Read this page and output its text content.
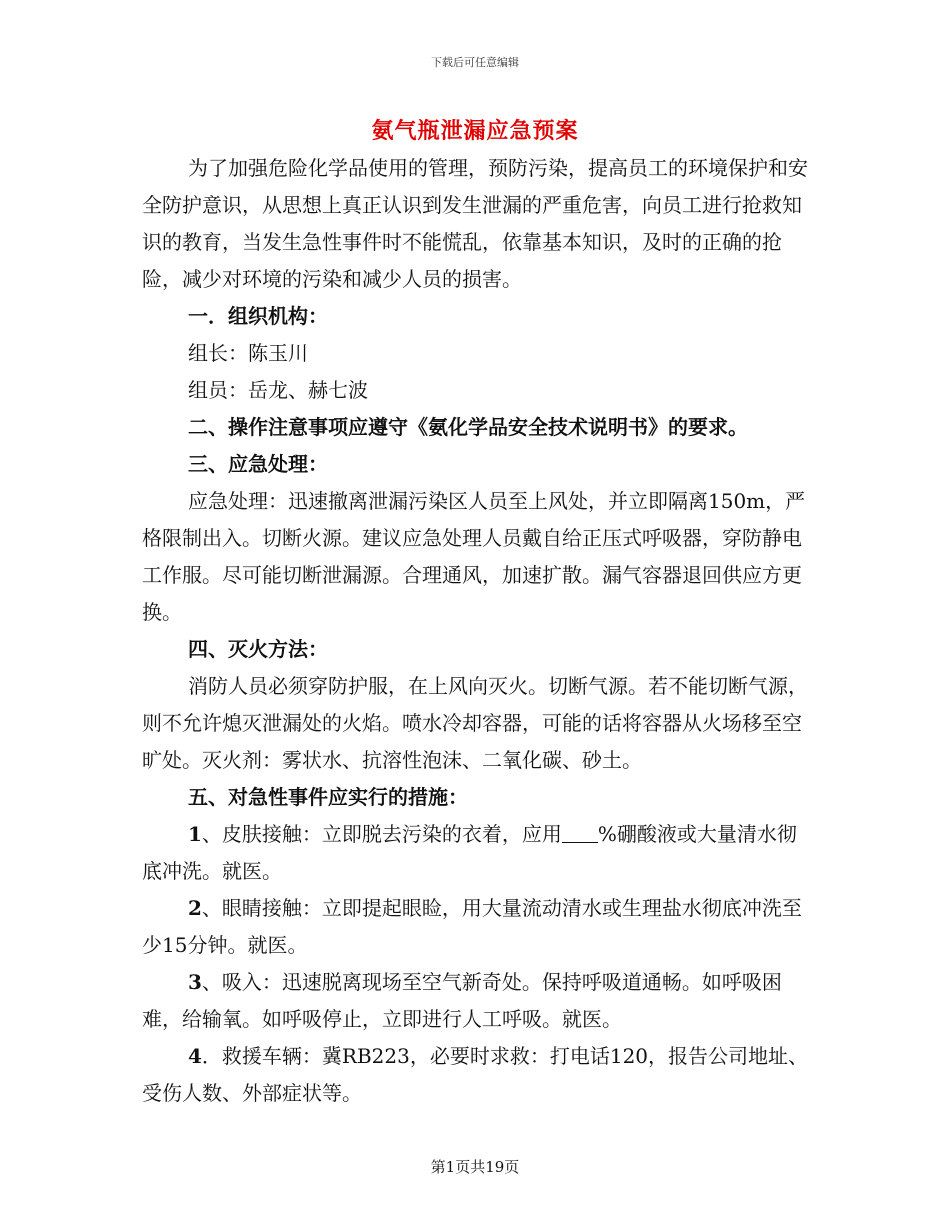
下载后可任意编辑
氨气瓶泄漏应急预案

为了加强危险化学品使用的管理，预防污染，提高员工的环境保护和安全防护意识，从思想上真正认识到发生泄漏的严重危害，向员工进行抢救知识的教育，当发生急性事件时不能慌乱，依靠基本知识，及时的正确的抢险，减少对环境的污染和减少人员的损害。

一．组织机构：

组长：陈玉川

组员：岳龙、赫七波

二、操作注意事项应遵守《氨化学品安全技术说明书》的要求。

三、应急处理：

应急处理：迅速撤离泄漏污染区人员至上风处，并立即隔离150m，严格限制出入。切断火源。建议应急处理人员戴自给正压式呼吸器，穿防静电工作服。尽可能切断泄漏源。合理通风，加速扩散。漏气容器退回供应方更换。

四、灭火方法：

消防人员必须穿防护服，在上风向灭火。切断气源。若不能切断气源，则不允许熄灭泄漏处的火焰。喷水冷却容器，可能的话将容器从火场移至空旷处。灭火剂：雾状水、抗溶性泡沫、二氧化碳、砂土。

五、对急性事件应实行的措施：

1、皮肤接触：立即脱去污染的衣着，应用 %硼酸液或大量清水彻底冲洗。就医。

2、眼睛接触：立即提起眼睑，用大量流动清水或生理盐水彻底冲洗至少15分钟。就医。

3、吸入：迅速脱离现场至空气新奇处。保持呼吸道通畅。如呼吸困难，给输氧。如呼吸停止，立即进行人工呼吸。就医。

4．救援车辆：冀RB223，必要时求救：打电话120，报告公司地址、受伤人数、外部症状等。

第1页共19页
